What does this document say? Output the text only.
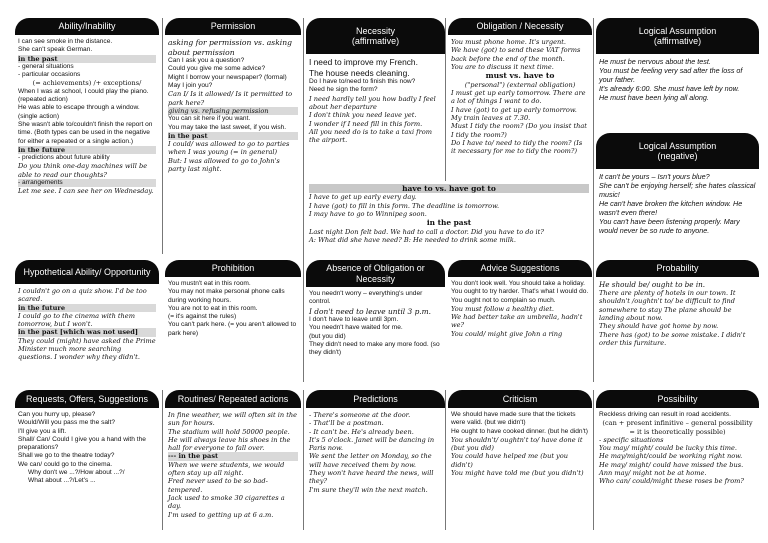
Ability/Inability
I can see smoke in the distance.
She can't speak German.
in the past
- general situations
- particular occasions
(= achievements) /+ exceptions/
When I was at school, I could play the piano. (repeated action)
He was able to escape through a window. (single action)
She wasn't able to/couldn't finish the report on time. (Both types can be used in the negative for either a repeated or a single action.)
in the future
- predictions about future ability
Do you think one-day machines will be able to read our thoughts?
- arrangements
Let me see. I can see her on Wednesday.
Permission
asking for permission vs. asking about permission
Can I ask you a question?
Could you give me some advice?
Might I borrow your newspaper? (formal)
May I join you?
Can I/ Is it allowed/ Is it permitted to park here?
giving vs. refusing permission
You can sit here if you want.
You may take the last sweet, if you wish.
in the past
I could/ was allowed to go to parties when I was young (= in general)
But: I was allowed to go to John's party last night.
Necessity
(affirmative)
I need to improve my French.
The house needs cleaning.
Do I have to/need to finish this now?
Need he sign the form?
I need hardly tell you how badly I feel about her departure
I don't think you need leave yet.
I wonder if I need fill in this form.
All you need do is to take a taxi from the airport.
Obligation / Necessity
You must phone home. It's urgent.
We have (got) to send these VAT forms back before the end of the month.
You are to discuss it next time.
must vs. have to
("personal") (external obligation)
I must get up early tomorrow. There are a lot of things I want to do.
I have (got) to get up early tomorrow. My train leaves at 7.30.
Must I tidy the room? (Do you insist that I tidy the room?)
Do I have to/ need to tidy the room? (Is it necessary for me to tidy the room?)
Logical Assumption
(affirmative)
He must be nervous about the test.
You must be feeling very sad after the loss of your father.
It's already 6:00. She must have left by now.
He must have been lying all along.
Logical Assumption
(negative)
It can't be yours – Isn't yours blue?
She can't be enjoying herself; she hates classical music!
He can't have broken the kitchen window. He wasn't even there!
You can't have been listening properly. Mary would never be so rude to anyone.
have to vs. have got to
I have to get up early every day.
I have (got) to fill in this form. The deadline is tomorrow.
I may have to go to Winnipeg soon.
in the past
Last night Don felt bad. We had to call a doctor. Did you have to do it?
A: What did she have need? B: He needed to drink some milk.
Hypothetical Ability/ Opportunity
I couldn't go on a quiz show. I'd be too scared.
in the future
I could go to the cinema with them tomorrow, but I won't.
in the past [which was not used]
They could (might) have asked the Prime Minister much more searching questions. I wonder why they didn't.
Prohibition
You mustn't eat in this room.
You may not make personal phone calls during working hours.
You are not to eat in this room.
(= it's against the rules)
You can't park here. (= you aren't allowed to park here)
Absence of Obligation or
Necessity
You needn't worry – everything's under control.
I don't need to leave until 3 p.m.
I don't have to leave until 3pm.
You needn't have waited for me.
(but you did)
They didn't need to make any more food. (so they didn't)
Advice Suggestions
You don't look well. You should take a holiday.
You ought to try harder. That's what I would do.
You ought not to complain so much.
You must follow a healthy diet.
We had better take an umbrella, hadn't we?
You could/ might give John a ring
Probability
He should be/ ought to be in.
There are plenty of hotels in our town. It shouldn't /oughtn't to/ be difficult to find somewhere to stay The plane should be landing about now.
They should have got home by now.
There has (got) to be some mistake. I didn't order this furniture.
Requests, Offers, Suggestions
Can you hurry up, please?
Would/Will you pass me the salt?
I'll give you a lift.
Shall/ Can/ Could I give you a hand with the preparations?
Shall we go to the theatre today?
We can/ could go to the cinema.
Why don't we ...?/How about ...?/
What about ...?/Let's ...
Routines/ Repeated actions
In fine weather, we will often sit in the sun for hours.
The stadium will hold 50000 people.
He will always leave his shoes in the hall for everyone to fall over.
--- in the past
When we were students, we would often stay up all night.
Fred never used to be so bad-tempered.
Jack used to smoke 30 cigarettes a day.
I'm used to getting up at 6 a.m.
Predictions
- There's someone at the door.
- That'll be a postman.
- It can't be. He's already been.
It's 5 o'clock. Janet will be dancing in Paris now.
We sent the letter on Monday, so the will have received them by now.
They won't have heard the news, will they?
I'm sure they'll win the next match.
Criticism
We should have made sure that the tickets were valid. (but we didn't)
He ought to have cooked dinner. (but he didn't)
You shouldn't/ oughtn't to/ have done it (but you did)
You could have helped me (but you didn't)
You might have told me (but you didn't)
Possibility
Reckless driving can result in road accidents.
(can + present infinitive – general possibility = it is theoretically possible)
- specific situations
You may/ might/ could be lucky this time.
He may/might/could be working right now.
He may/ might/ could have missed the bus.
Ann may/ might not be at home.
Who can/ could/might these roses be from?
